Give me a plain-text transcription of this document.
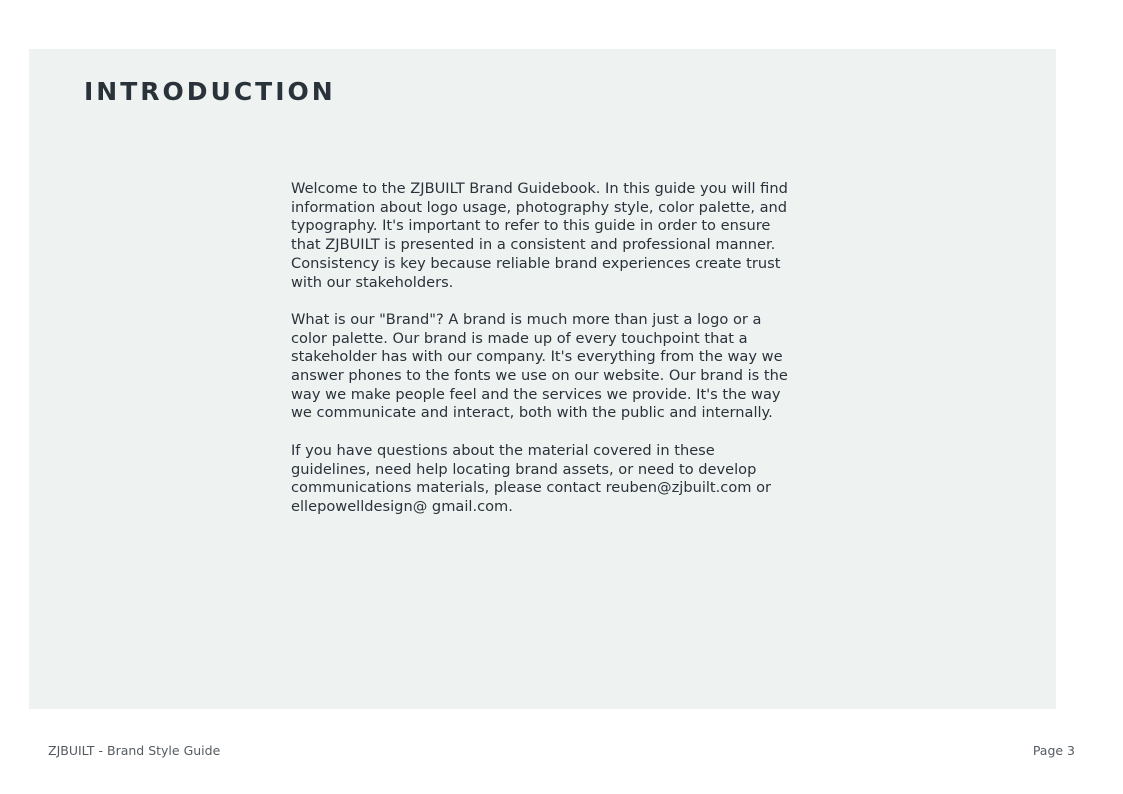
INTRODUCTION

Welcome to the ZJBUILT Brand Guidebook. In this guide you will find information about logo usage, photography style, color palette, and typography. It's important to refer to this guide in order to ensure that ZJBUILT is presented in a consistent and professional manner. Consistency is key because reliable brand experiences create trust with our stakeholders.

What is our "Brand"? A brand is much more than just a logo or a color palette. Our brand is made up of every touchpoint that a stakeholder has with our company. It's everything from the way we answer phones to the fonts we use on our website. Our brand is the way we make people feel and the services we provide. It's the way we communicate and interact, both with the public and internally.

If you have questions about the material covered in these guidelines, need help locating brand assets, or need to develop communications materials, please contact reuben@zjbuilt.com or ellepowelldesign@ gmail.com.

ZJBUILT - Brand Style Guide	Page 3
